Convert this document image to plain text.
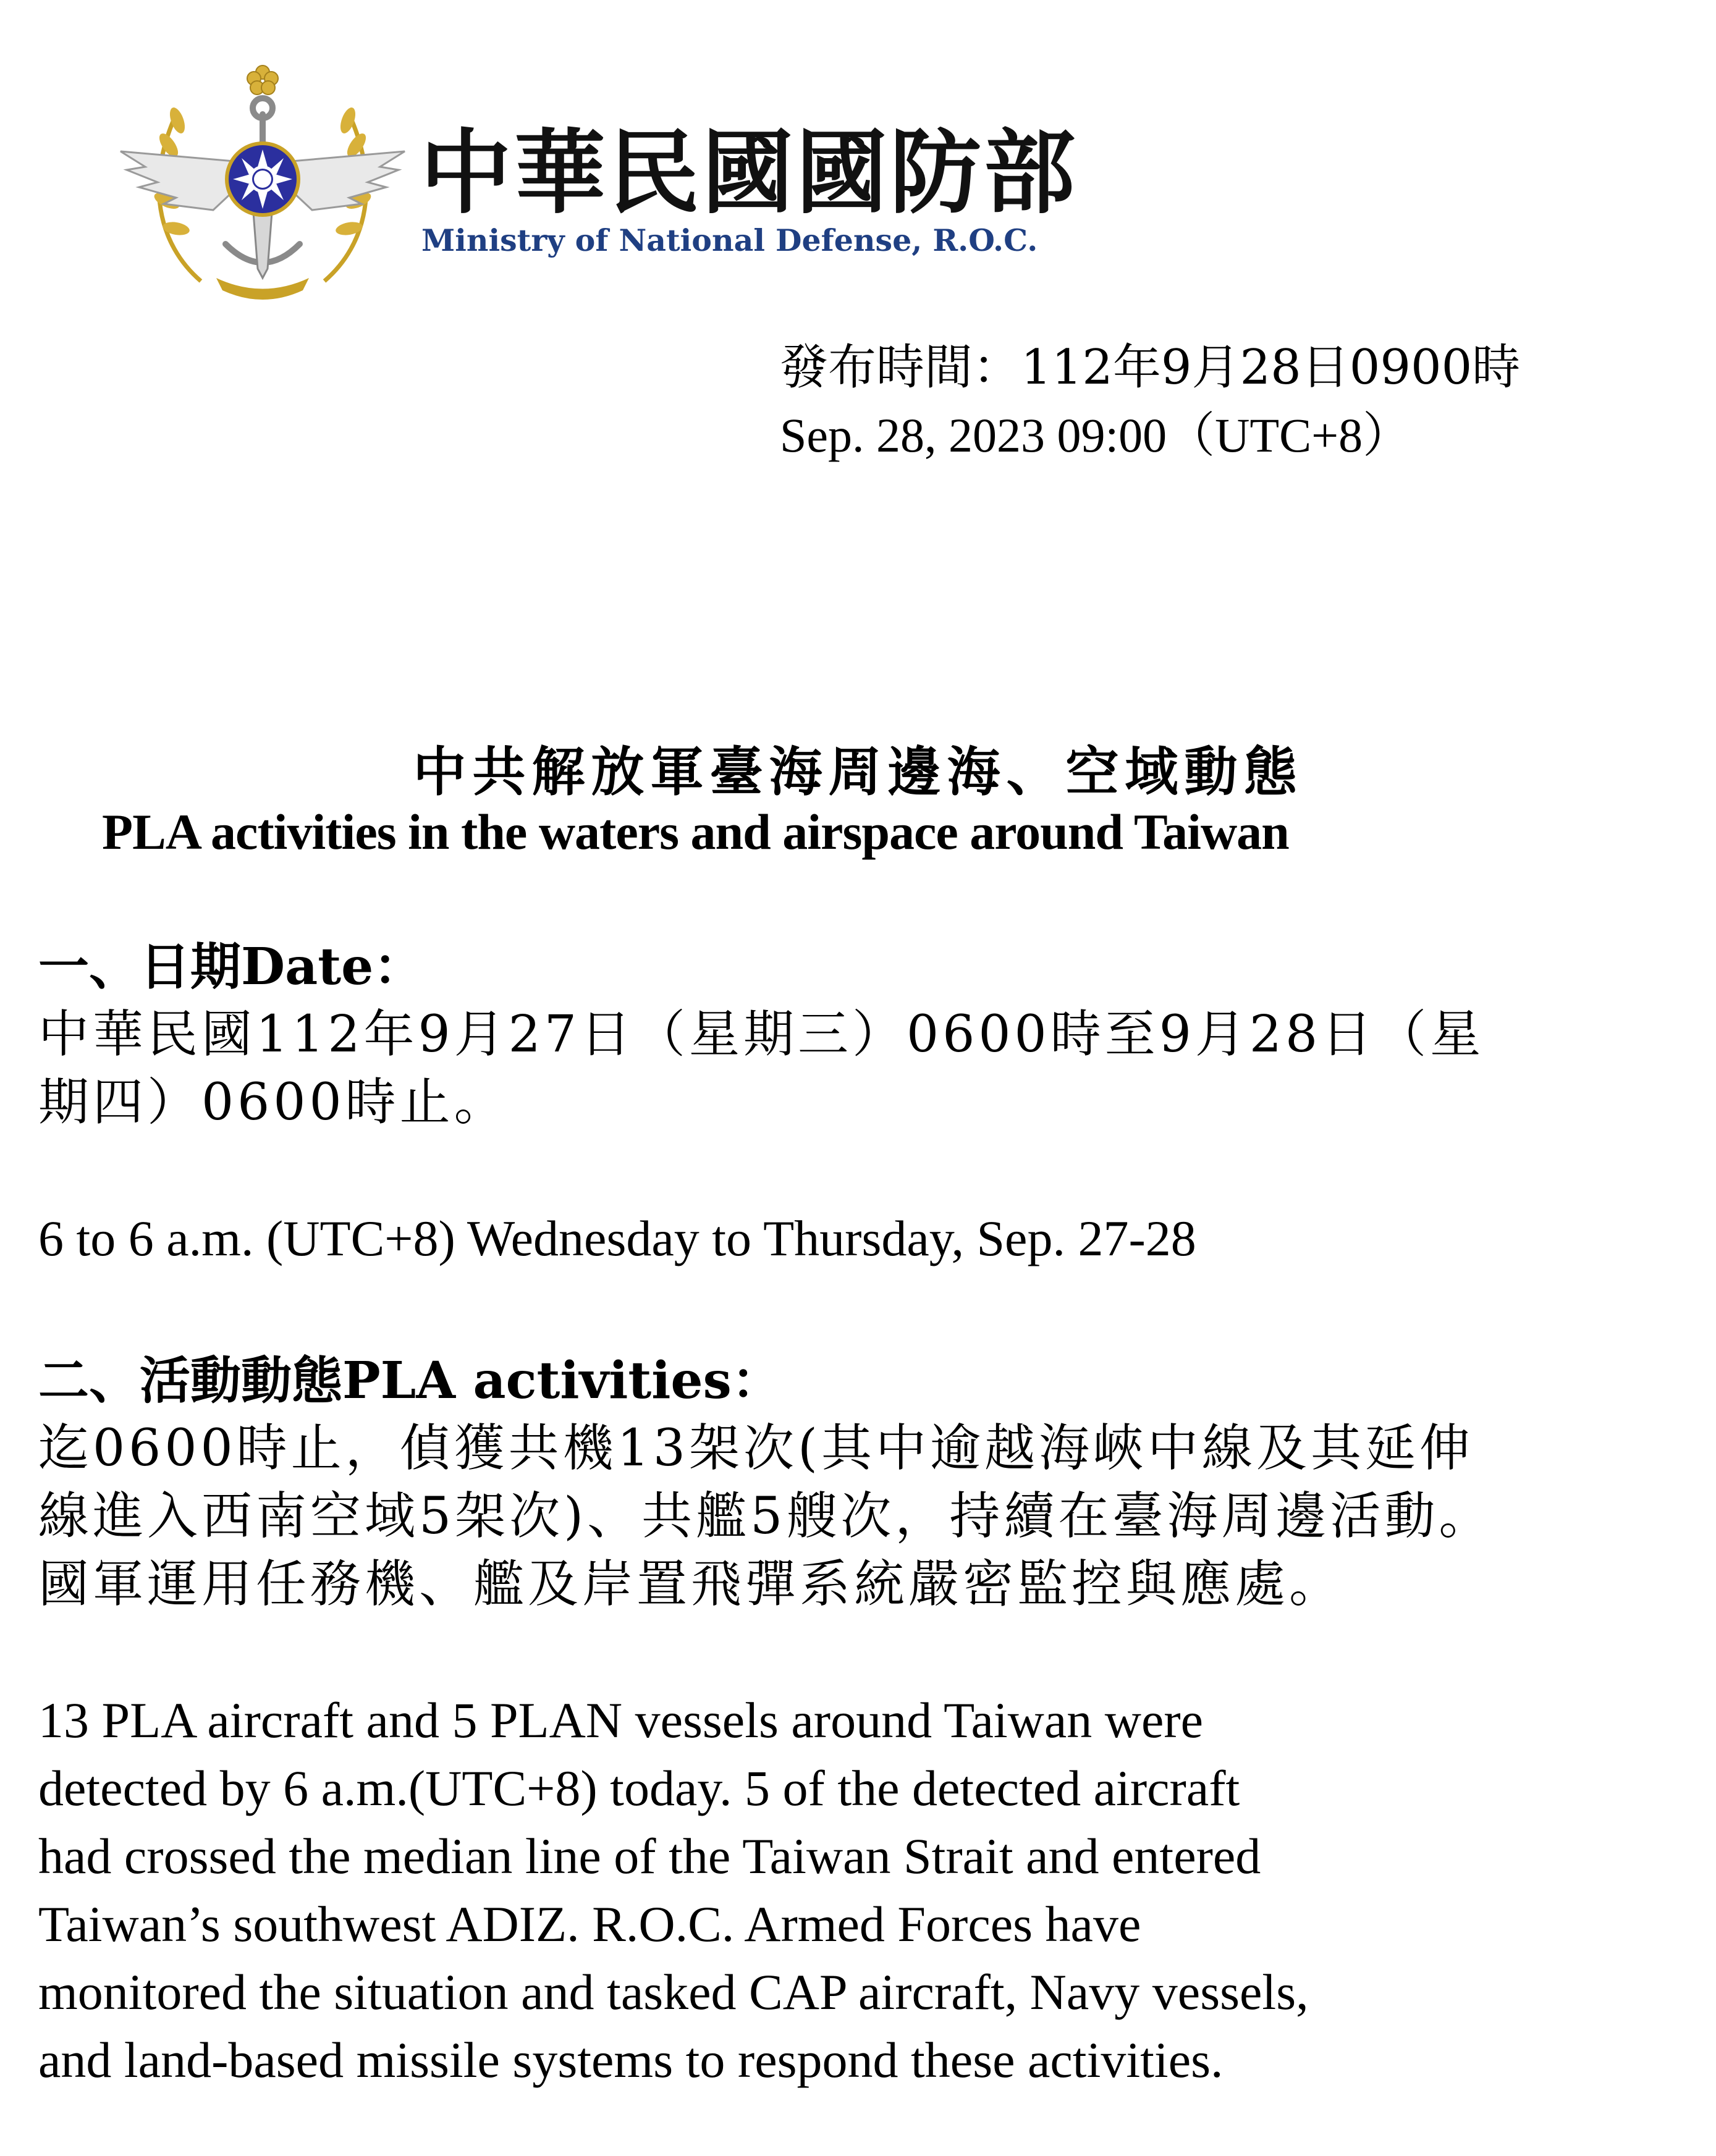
中華民國國防部
Ministry of National Defense, R.O.C.
發布時間：112年9月28日0900時
Sep. 28, 2023 09:00（UTC+8）
中共解放軍臺海周邊海、空域動態
PLA activities in the waters and airspace around Taiwan
一、日期Date：
中華民國112年9月27日（星期三）0600時至9月28日（星
期四）0600時止。
6 to 6 a.m. (UTC+8) Wednesday to Thursday, Sep. 27-28
二、活動動態PLA activities：
迄0600時止，偵獲共機13架次(其中逾越海峽中線及其延伸
線進入西南空域5架次)、共艦5艘次，持續在臺海周邊活動。
國軍運用任務機、艦及岸置飛彈系統嚴密監控與應處。
13 PLA aircraft and 5 PLAN vessels around Taiwan were
detected by 6 a.m.(UTC+8) today. 5 of the detected aircraft
had crossed the median line of the Taiwan Strait and entered
Taiwan’s southwest ADIZ. R.O.C. Armed Forces have
monitored the situation and tasked CAP aircraft, Navy vessels,
and land-based missile systems to respond these activities.
